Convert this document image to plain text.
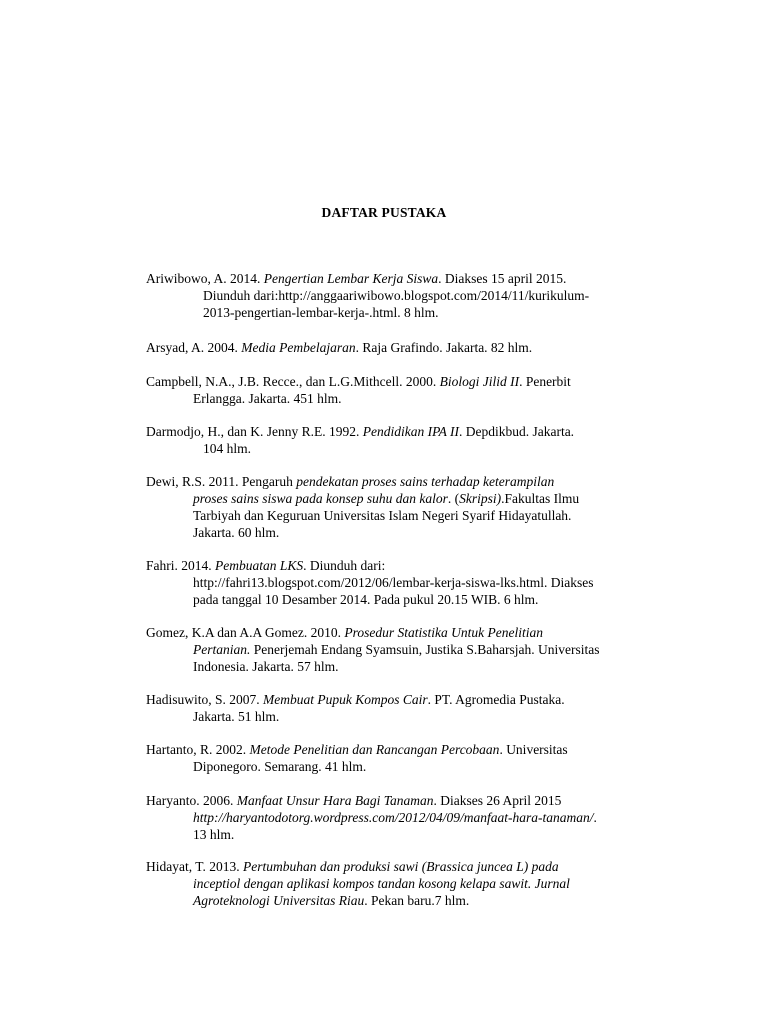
DAFTAR PUSTAKA
Ariwibowo, A. 2014. Pengertian Lembar Kerja Siswa. Diakses 15 april 2015.
Diunduh dari:http://anggaariwibowo.blogspot.com/2014/11/kurikulum-
2013-pengertian-lembar-kerja-.html. 8 hlm.
Arsyad, A. 2004. Media Pembelajaran. Raja Grafindo. Jakarta. 82 hlm.
Campbell, N.A., J.B. Recce., dan L.G.Mithcell. 2000. Biologi Jilid II. Penerbit
Erlangga. Jakarta. 451 hlm.
Darmodjo, H., dan K. Jenny R.E. 1992. Pendidikan IPA II. Depdikbud. Jakarta.
104 hlm.
Dewi, R.S. 2011. Pengaruh pendekatan proses sains terhadap keterampilan
proses sains siswa pada konsep suhu dan kalor. (Skripsi).Fakultas Ilmu
Tarbiyah dan Keguruan Universitas Islam Negeri Syarif Hidayatullah.
Jakarta. 60 hlm.
Fahri. 2014. Pembuatan LKS. Diunduh dari:
http://fahri13.blogspot.com/2012/06/lembar-kerja-siswa-lks.html. Diakses
pada tanggal 10 Desamber 2014. Pada pukul 20.15 WIB. 6 hlm.
Gomez, K.A dan A.A Gomez. 2010. Prosedur Statistika Untuk Penelitian
Pertanian. Penerjemah Endang Syamsuin, Justika S.Baharsjah. Universitas
Indonesia. Jakarta. 57 hlm.
Hadisuwito, S. 2007. Membuat Pupuk Kompos Cair. PT. Agromedia Pustaka.
Jakarta. 51 hlm.
Hartanto, R. 2002. Metode Penelitian dan Rancangan Percobaan. Universitas
Diponegoro. Semarang. 41 hlm.
Haryanto. 2006. Manfaat Unsur Hara Bagi Tanaman. Diakses 26 April 2015
http://haryantodotorg.wordpress.com/2012/04/09/manfaat-hara-tanaman/.
13 hlm.
Hidayat, T. 2013. Pertumbuhan dan produksi sawi (Brassica juncea L) pada
inceptiol dengan aplikasi kompos tandan kosong kelapa sawit. Jurnal
Agroteknologi Universitas Riau. Pekan baru.7 hlm.
